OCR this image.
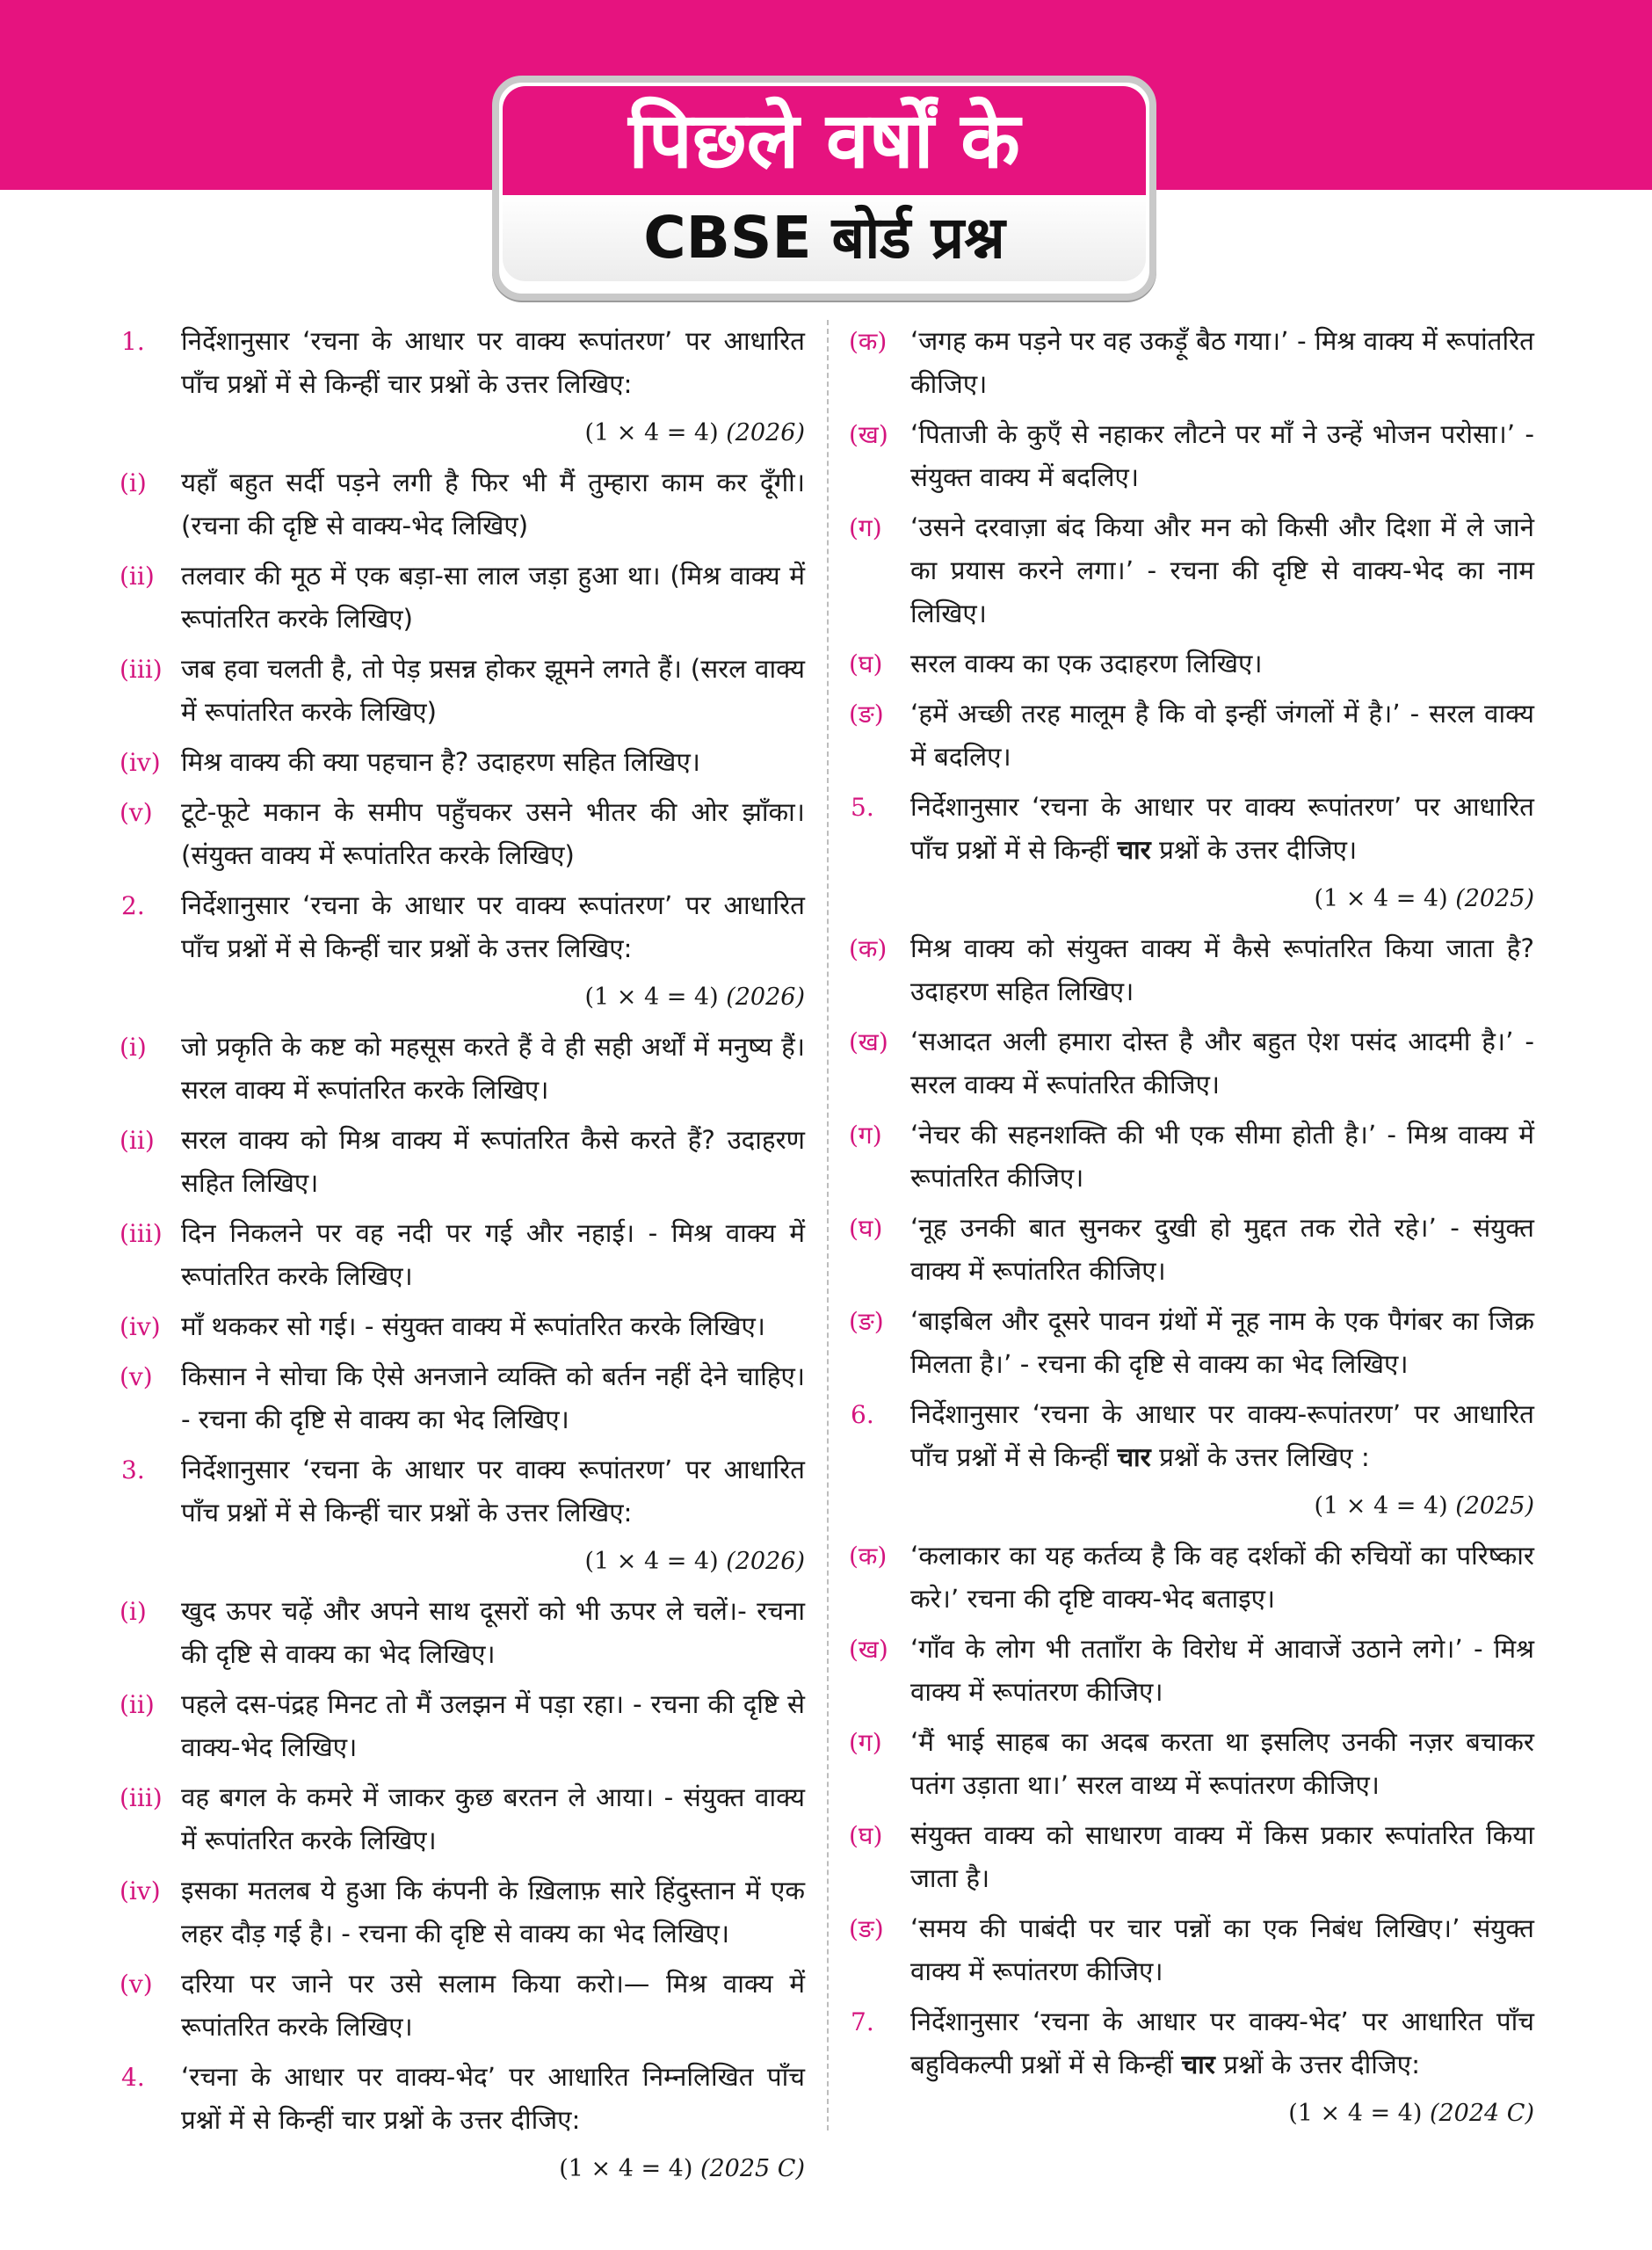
पिछले वर्षों के
CBSE बोर्ड प्रश्न
1. निर्देशानुसार ‘रचना के आधार पर वाक्य रूपांतरण’ पर आधारित पाँच प्रश्नों में से किन्हीं चार प्रश्नों के उत्तर लिखिए:

(1 × 4 = 4) (2026)
(i) यहाँ बहुत सर्दी पड़ने लगी है फिर भी मैं तुम्हारा काम कर दूँगी। (रचना की दृष्टि से वाक्य-भेद लिखिए)

(ii) तलवार की मूठ में एक बड़ा-सा लाल जड़ा हुआ था। (मिश्र वाक्य में रूपांतरित करके लिखिए)

(iii) जब हवा चलती है, तो पेड़ प्रसन्न होकर झूमने लगते हैं। (सरल वाक्य में रूपांतरित करके लिखिए)

(iv) मिश्र वाक्य की क्या पहचान है? उदाहरण सहित लिखिए।

(v) टूटे-फूटे मकान के समीप पहुँचकर उसने भीतर की ओर झाँका। (संयुक्त वाक्य में रूपांतरित करके लिखिए)

2. निर्देशानुसार ‘रचना के आधार पर वाक्य रूपांतरण’ पर आधारित पाँच प्रश्नों में से किन्हीं चार प्रश्नों के उत्तर लिखिए:

(1 × 4 = 4) (2026)
(i) जो प्रकृति के कष्ट को महसूस करते हैं वे ही सही अर्थों में मनुष्य हैं। सरल वाक्य में रूपांतरित करके लिखिए।

(ii) सरल वाक्य को मिश्र वाक्य में रूपांतरित कैसे करते हैं? उदाहरण सहित लिखिए।

(iii) दिन निकलने पर वह नदी पर गई और नहाई। - मिश्र वाक्य में रूपांतरित करके लिखिए।

(iv) माँ थककर सो गई। - संयुक्त वाक्य में रूपांतरित करके लिखिए।

(v) किसान ने सोचा कि ऐसे अनजाने व्यक्ति को बर्तन नहीं देने चाहिए। - रचना की दृष्टि से वाक्य का भेद लिखिए।

3. निर्देशानुसार ‘रचना के आधार पर वाक्य रूपांतरण’ पर आधारित पाँच प्रश्नों में से किन्हीं चार प्रश्नों के उत्तर लिखिए:

(1 × 4 = 4) (2026)
(i) खुद ऊपर चढ़ें और अपने साथ दूसरों को भी ऊपर ले चलें।- रचना की दृष्टि से वाक्य का भेद लिखिए।

(ii) पहले दस-पंद्रह मिनट तो मैं उलझन में पड़ा रहा। - रचना की दृष्टि से वाक्य-भेद लिखिए।

(iii) वह बगल के कमरे में जाकर कुछ बरतन ले आया। - संयुक्त वाक्य में रूपांतरित करके लिखिए।

(iv) इसका मतलब ये हुआ कि कंपनी के ख़िलाफ़ सारे हिंदुस्तान में एक लहर दौड़ गई है। - रचना की दृष्टि से वाक्य का भेद लिखिए।

(v) दरिया पर जाने पर उसे सलाम किया करो।— मिश्र वाक्य में रूपांतरित करके लिखिए।

4. ‘रचना के आधार पर वाक्य-भेद’ पर आधारित निम्नलिखित पाँच प्रश्नों में से किन्हीं चार प्रश्नों के उत्तर दीजिए:

(1 × 4 = 4) (2025 C)
(क) ‘जगह कम पड़ने पर वह उकड़ूँ बैठ गया।’ - मिश्र वाक्य में रूपांतरित कीजिए।

(ख) ‘पिताजी के कुएँ से नहाकर लौटने पर माँ ने उन्हें भोजन परोसा।’ - संयुक्त वाक्य में बदलिए।

(ग) ‘उसने दरवाज़ा बंद किया और मन को किसी और दिशा में ले जाने का प्रयास करने लगा।’ - रचना की दृष्टि से वाक्य-भेद का नाम लिखिए।

(घ) सरल वाक्य का एक उदाहरण लिखिए।

(ङ) ‘हमें अच्छी तरह मालूम है कि वो इन्हीं जंगलों में है।’ - सरल वाक्य में बदलिए।

5. निर्देशानुसार ‘रचना के आधार पर वाक्य रूपांतरण’ पर आधारित पाँच प्रश्नों में से किन्हीं चार प्रश्नों के उत्तर दीजिए।

(1 × 4 = 4) (2025)
(क) मिश्र वाक्य को संयुक्त वाक्य में कैसे रूपांतरित किया जाता है? उदाहरण सहित लिखिए।

(ख) ‘सआदत अली हमारा दोस्त है और बहुत ऐश पसंद आदमी है।’ - सरल वाक्य में रूपांतरित कीजिए।

(ग) ‘नेचर की सहनशक्ति की भी एक सीमा होती है।’ - मिश्र वाक्य में रूपांतरित कीजिए।

(घ) ‘नूह उनकी बात सुनकर दुखी हो मुद्दत तक रोते रहे।’ - संयुक्त वाक्य में रूपांतरित कीजिए।

(ङ) ‘बाइबिल और दूसरे पावन ग्रंथों में नूह नाम के एक पैगंबर का जिक्र मिलता है।’ - रचना की दृष्टि से वाक्य का भेद लिखिए।

6. निर्देशानुसार ‘रचना के आधार पर वाक्य-रूपांतरण’ पर आधारित पाँच प्रश्नों में से किन्हीं चार प्रश्नों के उत्तर लिखिए :

(1 × 4 = 4) (2025)
(क) ‘कलाकार का यह कर्तव्य है कि वह दर्शकों की रुचियों का परिष्कार करे।’ रचना की दृष्टि वाक्य-भेद बताइए।

(ख) ‘गाँव के लोग भी ततााँरा के विरोध में आवाजें उठाने लगे।’ - मिश्र वाक्य में रूपांतरण कीजिए।

(ग) ‘मैं भाई साहब का अदब करता था इसलिए उनकी नज़र बचाकर पतंग उड़ाता था।’ सरल वाथ्य में रूपांतरण कीजिए।

(घ) संयुक्त वाक्य को साधारण वाक्य में किस प्रकार रूपांतरित किया जाता है।

(ङ) ‘समय की पाबंदी पर चार पन्नों का एक निबंध लिखिए।’ संयुक्त वाक्य में रूपांतरण कीजिए।

7. निर्देशानुसार ‘रचना के आधार पर वाक्य-भेद’ पर आधारित पाँच बहुविकल्पी प्रश्नों में से किन्हीं चार प्रश्नों के उत्तर दीजिए:

(1 × 4 = 4) (2024 C)
